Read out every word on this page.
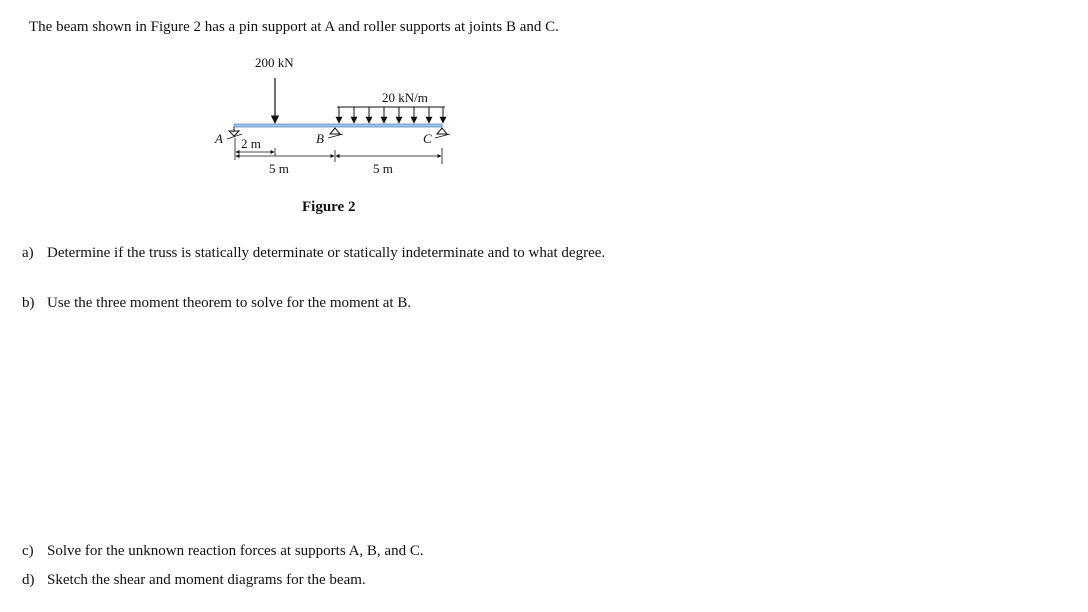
The beam shown in Figure 2 has a pin support at A and roller supports at joints B and C.
200 kN
20 kN/m
A	B	C
2 m
5 m	5 m
Figure 2
a) Determine if the truss is statically determinate or statically indeterminate and to what degree.
b) Use the three moment theorem to solve for the moment at B.
c) Solve for the unknown reaction forces at supports A, B, and C.
d) Sketch the shear and moment diagrams for the beam.
